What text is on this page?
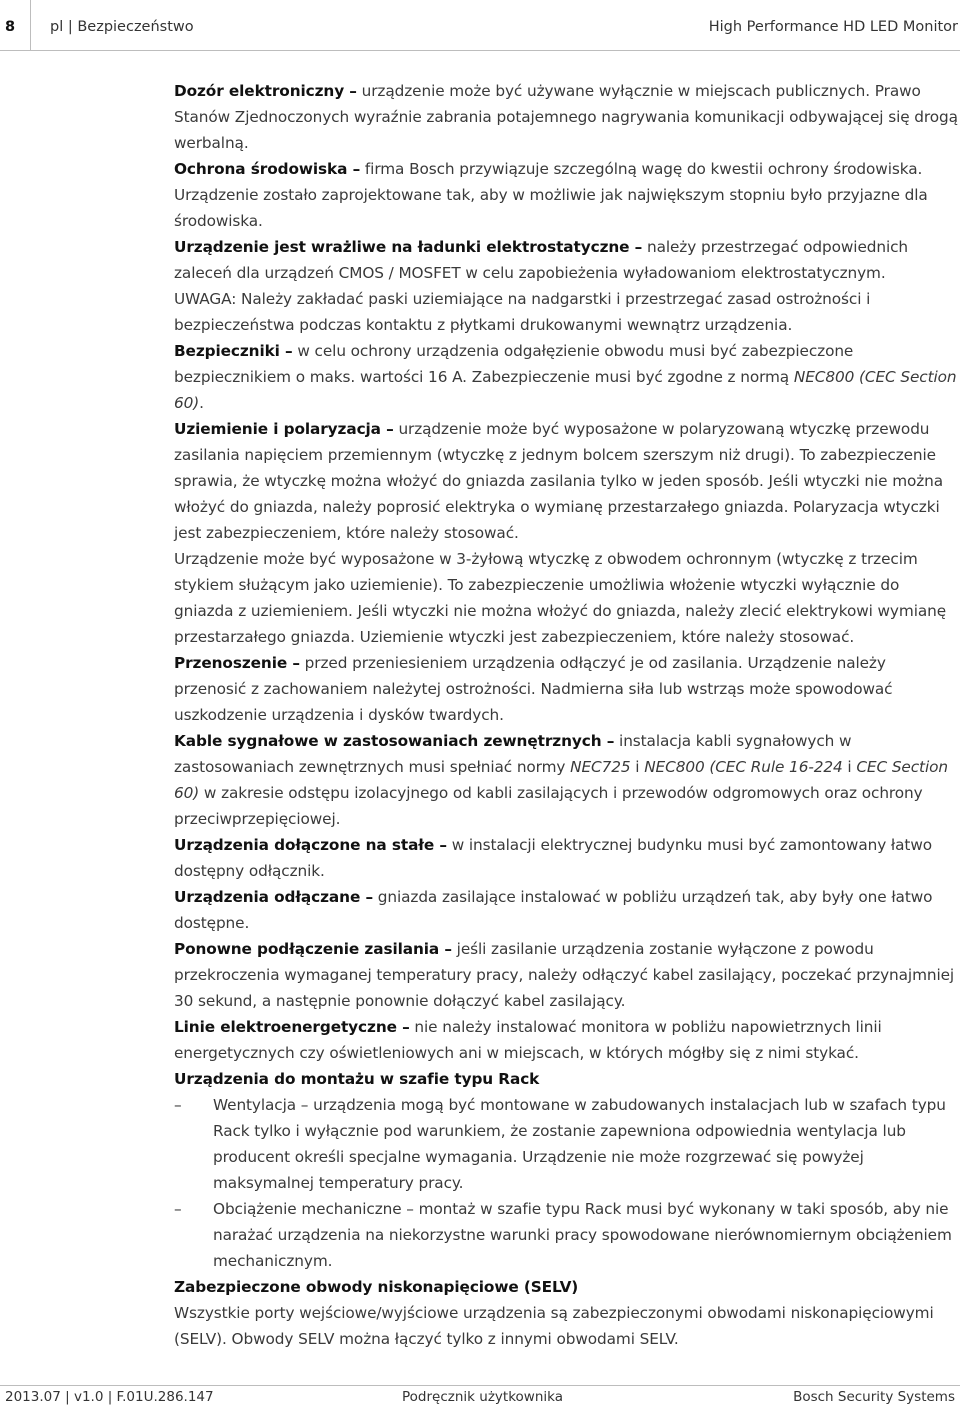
8 pl | Bezpieczeństwo	High Performance HD LED Monitor

Dozór elektroniczny – urządzenie może być używane wyłącznie w miejscach publicznych. Prawo Stanów Zjednoczonych wyraźnie zabrania potajemnego nagrywania komunikacji odbywającej się drogą werbalną.

Ochrona środowiska – firma Bosch przywiązuje szczególną wagę do kwestii ochrony środowiska. Urządzenie zostało zaprojektowane tak, aby w możliwie jak największym stopniu było przyjazne dla środowiska.

Urządzenie jest wrażliwe na ładunki elektrostatyczne – należy przestrzegać odpowiednich zaleceń dla urządzeń CMOS / MOSFET w celu zapobieżenia wyładowaniom elektrostatycznym.

UWAGA: Należy zakładać paski uziemiające na nadgarstki i przestrzegać zasad ostrożności i bezpieczeństwa podczas kontaktu z płytkami drukowanymi wewnątrz urządzenia.

Bezpieczniki – w celu ochrony urządzenia odgałęzienie obwodu musi być zabezpieczone bezpiecznikiem o maks. wartości 16 A. Zabezpieczenie musi być zgodne z normą NEC800 (CEC Section 60).

Uziemienie i polaryzacja – urządzenie może być wyposażone w polaryzowaną wtyczkę przewodu zasilania napięciem przemiennym (wtyczkę z jednym bolcem szerszym niż drugi). To zabezpieczenie sprawia, że wtyczkę można włożyć do gniazda zasilania tylko w jeden sposób. Jeśli wtyczki nie można włożyć do gniazda, należy poprosić elektryka o wymianę przestarzałego gniazda. Polaryzacja wtyczki jest zabezpieczeniem, które należy stosować.

Urządzenie może być wyposażone w 3-żyłową wtyczkę z obwodem ochronnym (wtyczkę z trzecim stykiem służącym jako uziemienie). To zabezpieczenie umożliwia włożenie wtyczki wyłącznie do gniazda z uziemieniem. Jeśli wtyczki nie można włożyć do gniazda, należy zlecić elektrykowi wymianę przestarzałego gniazda. Uziemienie wtyczki jest zabezpieczeniem, które należy stosować.

Przenoszenie – przed przeniesieniem urządzenia odłączyć je od zasilania. Urządzenie należy przenosić z zachowaniem należytej ostrożności. Nadmierna siła lub wstrząs może spowodować uszkodzenie urządzenia i dysków twardych.

Kable sygnałowe w zastosowaniach zewnętrznych – instalacja kabli sygnałowych w zastosowaniach zewnętrznych musi spełniać normy NEC725 i NEC800 (CEC Rule 16-224 i CEC Section 60) w zakresie odstępu izolacyjnego od kabli zasilających i przewodów odgromowych oraz ochrony przeciwprzepięciowej.

Urządzenia dołączone na stałe – w instalacji elektrycznej budynku musi być zamontowany łatwo dostępny odłącznik.

Urządzenia odłączane – gniazda zasilające instalować w pobliżu urządzeń tak, aby były one łatwo dostępne.

Ponowne podłączenie zasilania – jeśli zasilanie urządzenia zostanie wyłączone z powodu przekroczenia wymaganej temperatury pracy, należy odłączyć kabel zasilający, poczekać przynajmniej 30 sekund, a następnie ponownie dołączyć kabel zasilający.

Linie elektroenergetyczne – nie należy instalować monitora w pobliżu napowietrznych linii energetycznych czy oświetleniowych ani w miejscach, w których mógłby się z nimi stykać.

Urządzenia do montażu w szafie typu Rack

– Wentylacja – urządzenia mogą być montowane w zabudowanych instalacjach lub w szafach typu Rack tylko i wyłącznie pod warunkiem, że zostanie zapewniona odpowiednia wentylacja lub producent określi specjalne wymagania. Urządzenie nie może rozgrzewać się powyżej maksymalnej temperatury pracy.
– Obciążenie mechaniczne – montaż w szafie typu Rack musi być wykonany w taki sposób, aby nie narażać urządzenia na niekorzystne warunki pracy spowodowane nierównomiernym obciążeniem mechanicznym.

Zabezpieczone obwody niskonapięciowe (SELV)

Wszystkie porty wejściowe/wyjściowe urządzenia są zabezpieczonymi obwodami niskonapięciowymi (SELV). Obwody SELV można łączyć tylko z innymi obwodami SELV.

2013.07 | v1.0 | F.01U.286.147	Podręcznik użytkownika	Bosch Security Systems
